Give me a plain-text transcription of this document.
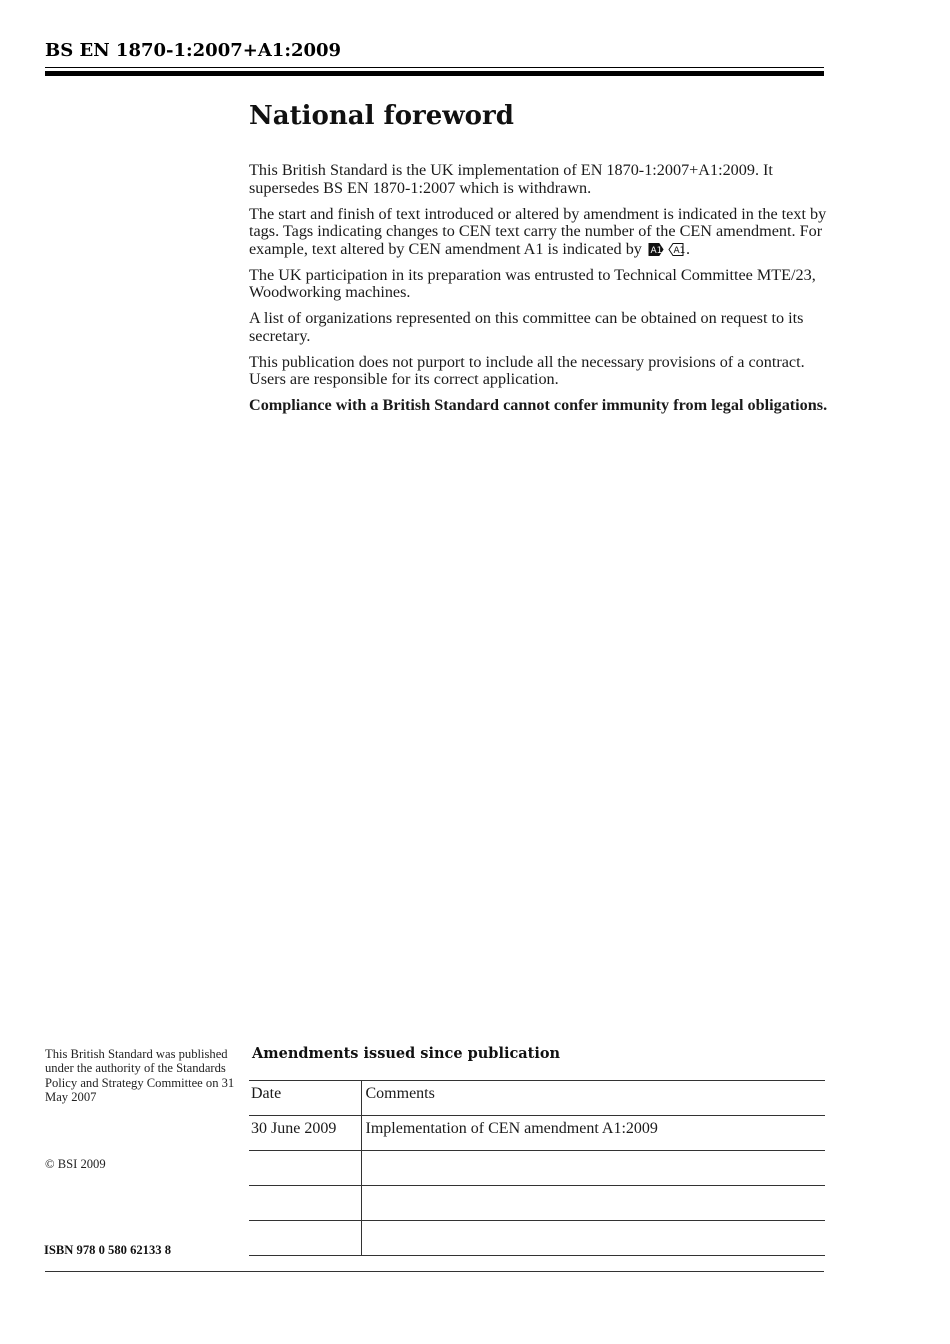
BS EN 1870-1:2007+A1:2009
National foreword

This British Standard is the UK implementation of EN 1870-1:2007+A1:2009. It supersedes BS EN 1870-1:2007 which is withdrawn.

The start and finish of text introduced or altered by amendment is indicated in the text by tags. Tags indicating changes to CEN text carry the number of the CEN amendment. For example, text altered by CEN amendment A1 is indicated by A1 A1 .

The UK participation in its preparation was entrusted to Technical Committee MTE/23, Woodworking machines.

A list of organizations represented on this committee can be obtained on request to its secretary.

This publication does not purport to include all the necessary provisions of a contract. Users are responsible for its correct application.

Compliance with a British Standard cannot confer immunity from legal obligations.

This British Standard was published under the authority of the Standards Policy and Strategy Committee on 31 May 2007
© BSI 2009
ISBN 978 0 580 62133 8
Amendments issued since publication
Date	Comments
30 June 2009	Implementation of CEN amendment A1:2009
